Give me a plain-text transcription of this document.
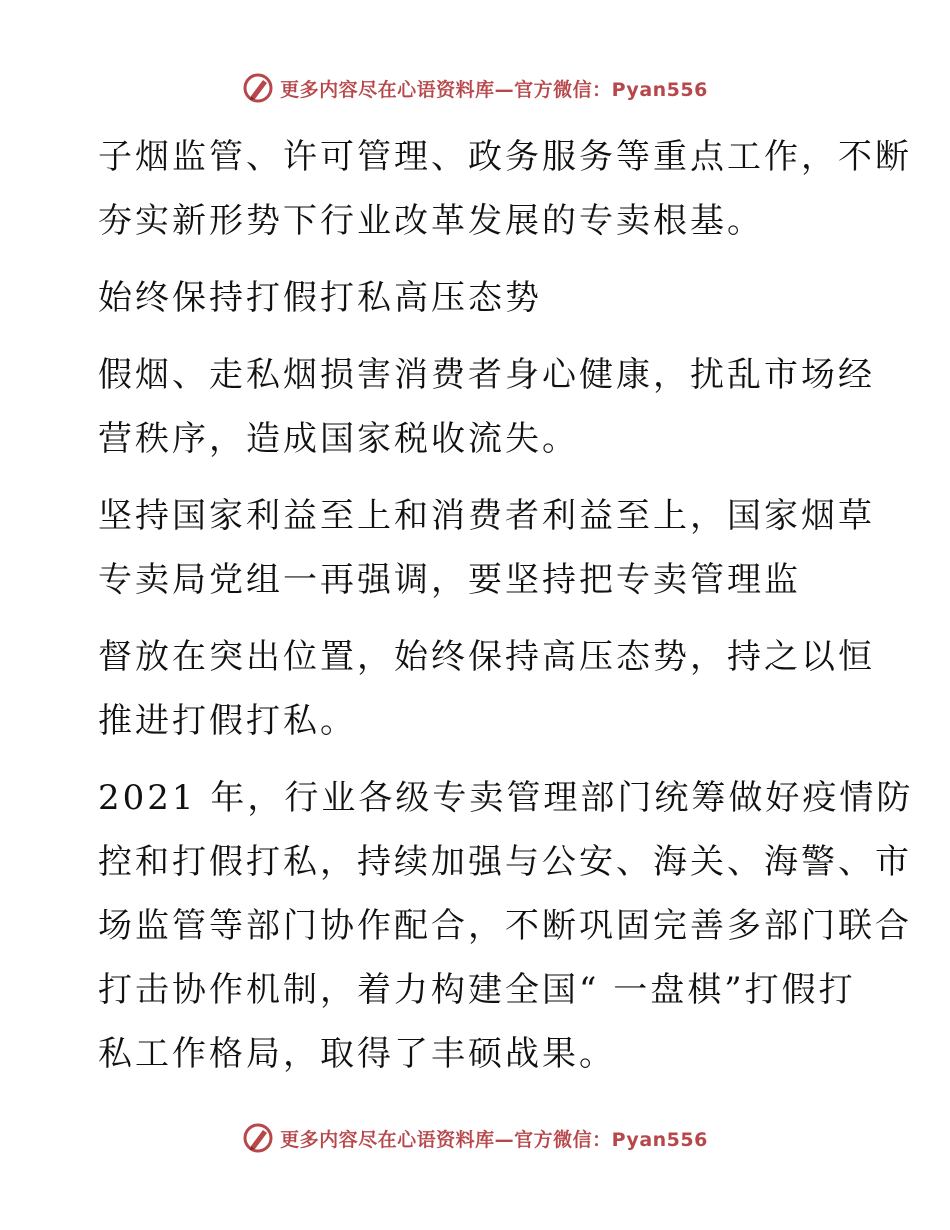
更多内容尽在心语资料库—官方微信：Pyan556

子烟监管、许可管理、政务服务等重点工作，不断
夯实新形势下行业改革发展的专卖根基。

始终保持打假打私高压态势

假烟、走私烟损害消费者身心健康，扰乱市场经
营秩序，造成国家税收流失。

坚持国家利益至上和消费者利益至上，国家烟草
专卖局党组一再强调，要坚持把专卖管理监

督放在突出位置，始终保持高压态势，持之以恒
推进打假打私。

2021 年，行业各级专卖管理部门统筹做好疫情防
控和打假打私，持续加强与公安、海关、海警、市
场监管等部门协作配合，不断巩固完善多部门联合
打击协作机制，着力构建全国“ 一盘棋”打假打
私工作格局，取得了丰硕战果。

更多内容尽在心语资料库—官方微信：Pyan556
